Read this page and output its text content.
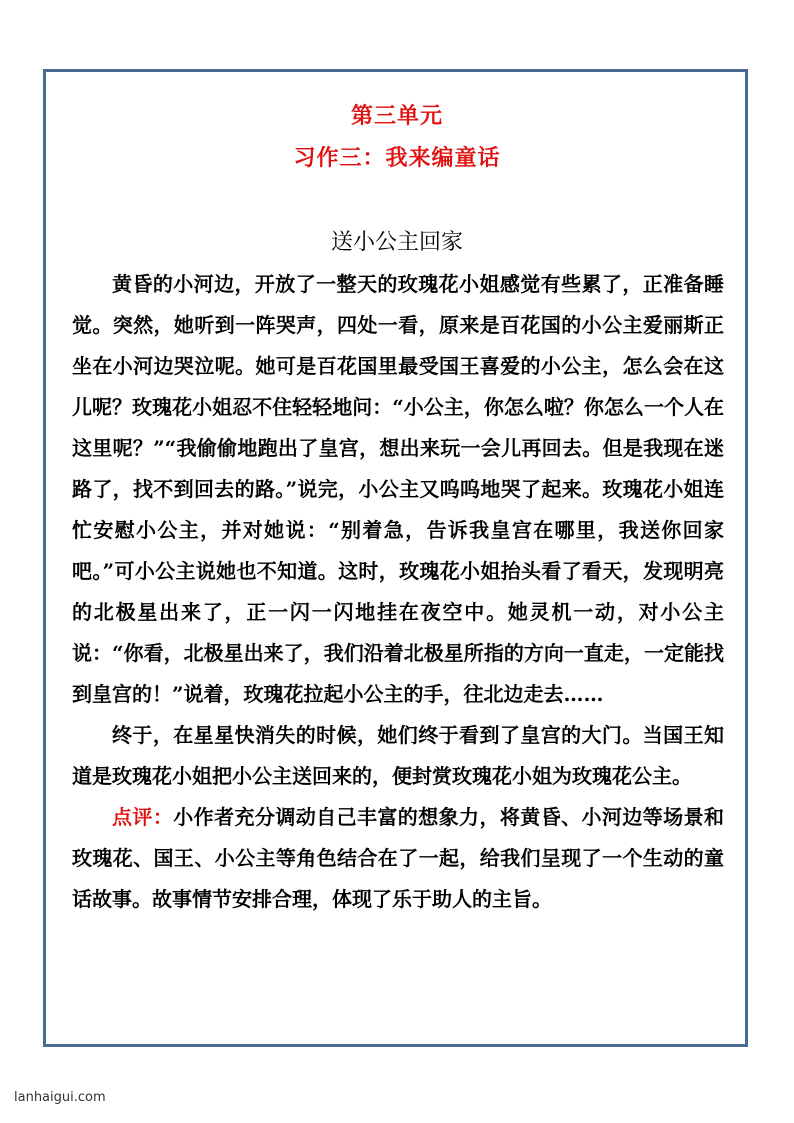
第三单元
习作三：我来编童话
送小公主回家

黄昏的小河边，开放了一整天的玫瑰花小姐感觉有些累了，正准备睡觉。突然，她听到一阵哭声，四处一看，原来是百花国的小公主爱丽斯正坐在小河边哭泣呢。她可是百花国里最受国王喜爱的小公主，怎么会在这儿呢？玫瑰花小姐忍不住轻轻地问：“小公主，你怎么啦？你怎么一个人在这里呢？”“我偷偷地跑出了皇宫，想出来玩一会儿再回去。但是我现在迷路了，找不到回去的路。”说完，小公主又呜呜地哭了起来。玫瑰花小姐连忙安慰小公主，并对她说：“别着急，告诉我皇宫在哪里，我送你回家吧。”可小公主说她也不知道。这时，玫瑰花小姐抬头看了看天，发现明亮的北极星出来了，正一闪一闪地挂在夜空中。她灵机一动，对小公主说：“你看，北极星出来了，我们沿着北极星所指的方向一直走，一定能找到皇宫的！”说着，玫瑰花拉起小公主的手，往北边走去……

终于，在星星快消失的时候，她们终于看到了皇宫的大门。当国王知道是玫瑰花小姐把小公主送回来的，便封赏玫瑰花小姐为玫瑰花公主。

点评：小作者充分调动自己丰富的想象力，将黄昏、小河边等场景和玫瑰花、国王、小公主等角色结合在了一起，给我们呈现了一个生动的童话故事。故事情节安排合理，体现了乐于助人的主旨。

lanhaigui.com
